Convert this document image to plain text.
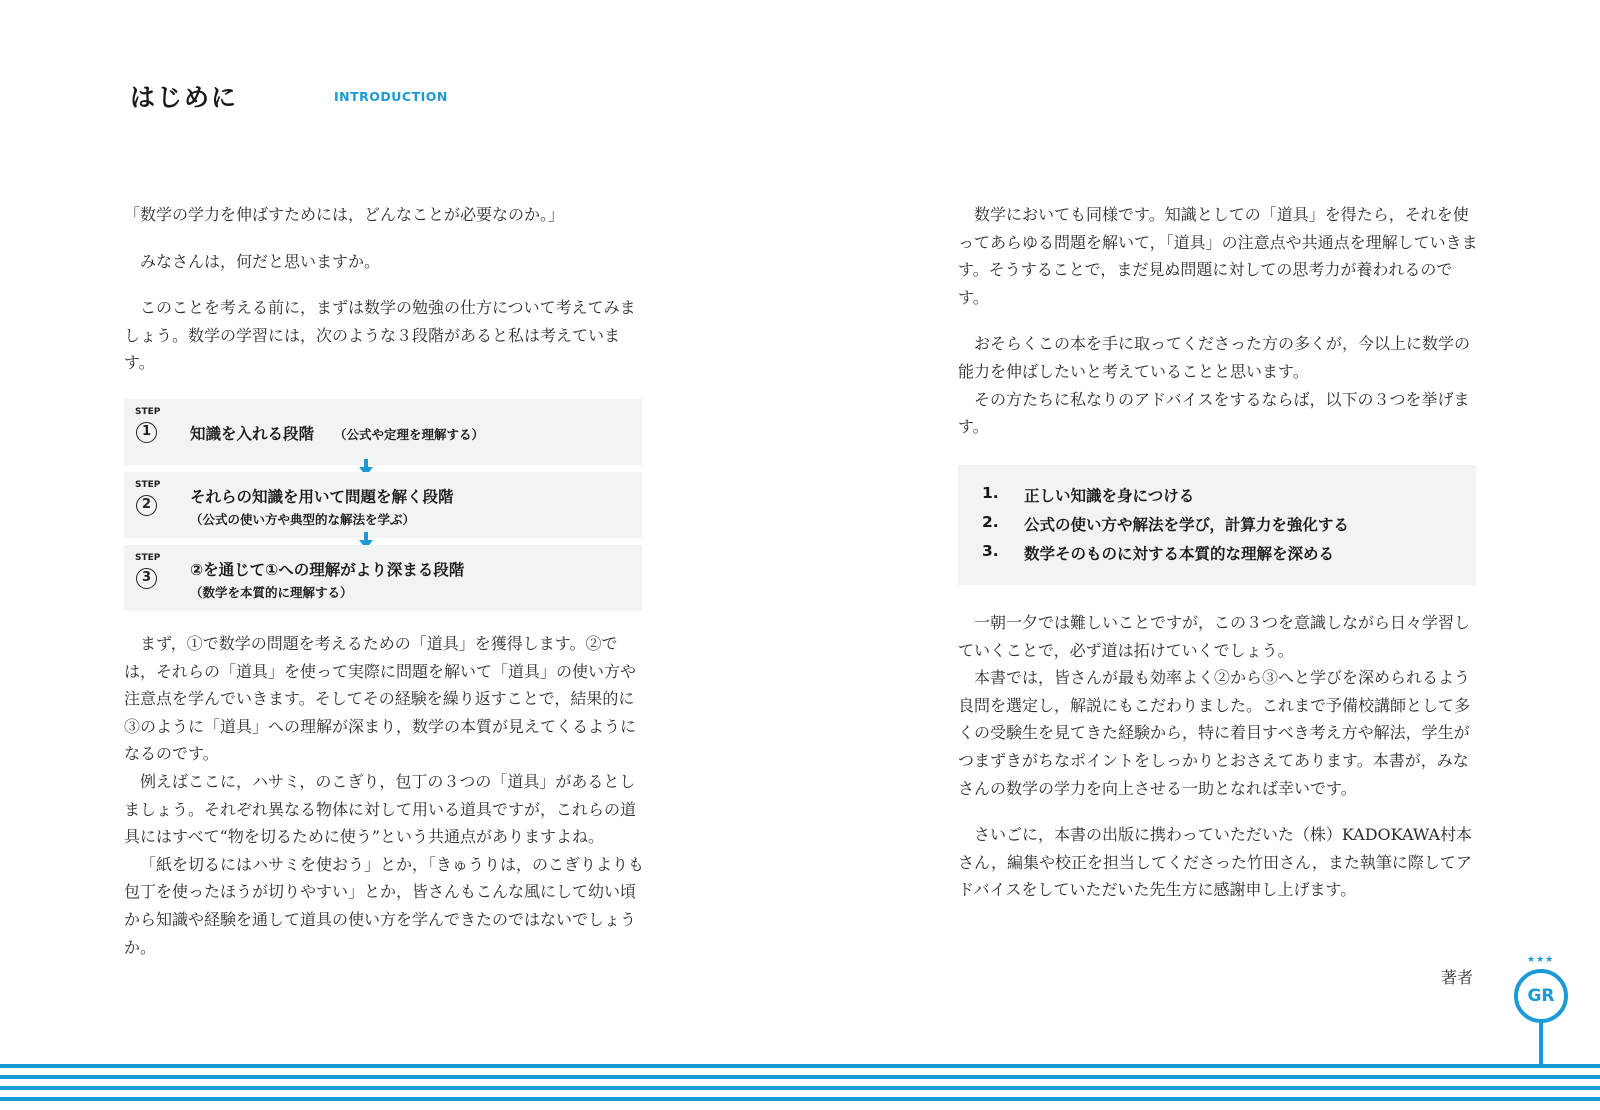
はじめに	INTRODUCTION

「数学の学力を伸ばすためには，どんなことが必要なのか。」

みなさんは，何だと思いますか。

このことを考える前に，まずは数学の勉強の仕方について考えてみましょう。数学の学習には，次のような３段階があると私は考えています。

STEP
1	知識を入れる段階 （公式や定理を理解する）
STEP
2	それらの知識を用いて問題を解く段階
（公式の使い方や典型的な解法を学ぶ）
STEP
3	②を通じて①への理解がより深まる段階
（数学を本質的に理解する）

まず，①で数学の問題を考えるための「道具」を獲得します。②では，それらの「道具」を使って実際に問題を解いて「道具」の使い方や注意点を学んでいきます。そしてその経験を繰り返すことで，結果的に③のように「道具」への理解が深まり，数学の本質が見えてくるようになるのです。

例えばここに，ハサミ，のこぎり，包丁の３つの「道具」があるとしましょう。それぞれ異なる物体に対して用いる道具ですが，これらの道具にはすべて“物を切るために使う”という共通点がありますよね。

「紙を切るにはハサミを使おう」とか，「きゅうりは，のこぎりよりも包丁を使ったほうが切りやすい」とか，皆さんもこんな風にして幼い頃から知識や経験を通して道具の使い方を学んできたのではないでしょうか。

数学においても同様です。知識としての「道具」を得たら，それを使ってあらゆる問題を解いて，「道具」の注意点や共通点を理解していきます。そうすることで，まだ見ぬ問題に対しての思考力が養われるのです。

おそらくこの本を手に取ってくださった方の多くが，今以上に数学の能力を伸ばしたいと考えていることと思います。

その方たちに私なりのアドバイスをするならば，以下の３つを挙げます。

1. 正しい知識を身につける
2. 公式の使い方や解法を学び，計算力を強化する
3. 数学そのものに対する本質的な理解を深める

一朝一夕では難しいことですが，この３つを意識しながら日々学習していくことで，必ず道は拓けていくでしょう。

本書では，皆さんが最も効率よく②から③へと学びを深められるよう良問を選定し，解説にもこだわりました。これまで予備校講師として多くの受験生を見てきた経験から，特に着目すべき考え方や解法，学生がつまずきがちなポイントをしっかりとおさえてあります。本書が，みなさんの数学の学力を向上させる一助となれば幸いです。

さいごに，本書の出版に携わっていただいた（株）KADOKAWA村本さん，編集や校正を担当してくださった竹田さん，また執筆に際してアドバイスをしていただいた先生方に感謝申し上げます。

著者
★★★
GR
